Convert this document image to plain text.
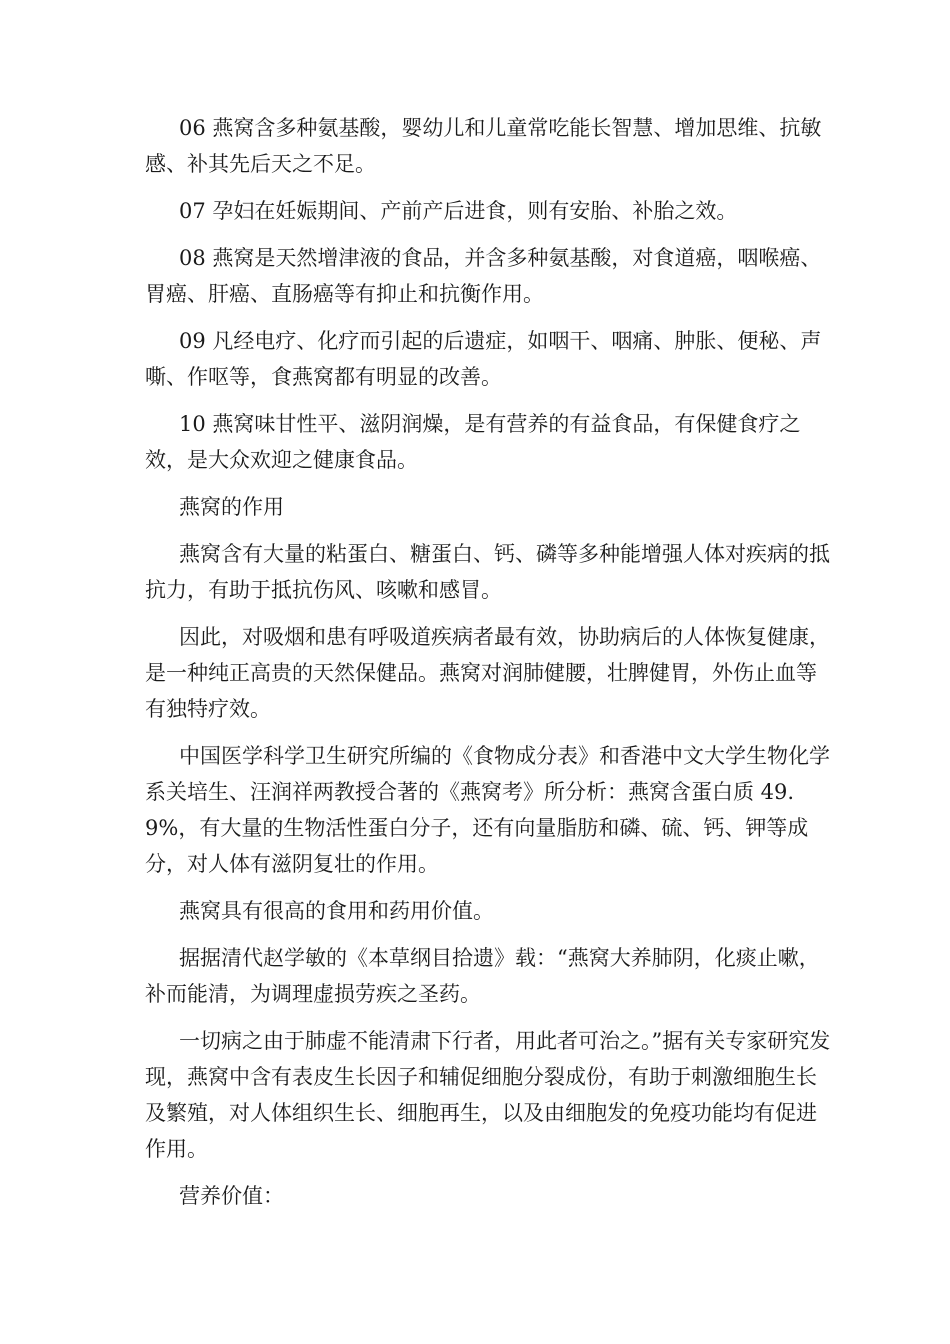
06 燕窝含多种氨基酸，婴幼儿和儿童常吃能长智慧、增加思维、抗敏感、补其先后天之不足。

07 孕妇在妊娠期间、产前产后进食，则有安胎、补胎之效。

08 燕窝是天然增津液的食品，并含多种氨基酸，对食道癌，咽喉癌、胃癌、肝癌、直肠癌等有抑止和抗衡作用。

09 凡经电疗、化疗而引起的后遗症，如咽干、咽痛、肿胀、便秘、声嘶、作呕等，食燕窝都有明显的改善。

10 燕窝味甘性平、滋阴润燥，是有营养的有益食品，有保健食疗之效，是大众欢迎之健康食品。

燕窝的作用

燕窝含有大量的粘蛋白、糖蛋白、钙、磷等多种能增强人体对疾病的抵抗力，有助于抵抗伤风、咳嗽和感冒。

因此，对吸烟和患有呼吸道疾病者最有效，协助病后的人体恢复健康，是一种纯正高贵的天然保健品。燕窝对润肺健腰，壮脾健胃，外伤止血等有独特疗效。

中国医学科学卫生研究所编的《食物成分表》和香港中文大学生物化学系关培生、汪润祥两教授合著的《燕窝考》所分析：燕窝含蛋白质 49.9%，有大量的生物活性蛋白分子，还有向量脂肪和磷、硫、钙、钾等成分，对人体有滋阴复壮的作用。

燕窝具有很高的食用和药用价值。

据据清代赵学敏的《本草纲目拾遗》载：“燕窝大养肺阴，化痰止嗽，补而能清，为调理虚损劳疾之圣药。

一切病之由于肺虚不能清肃下行者，用此者可治之。”据有关专家研究发现，燕窝中含有表皮生长因子和辅促细胞分裂成份，有助于刺激细胞生长及繁殖，对人体组织生长、细胞再生，以及由细胞发的免疫功能均有促进作用。

营养价值：
